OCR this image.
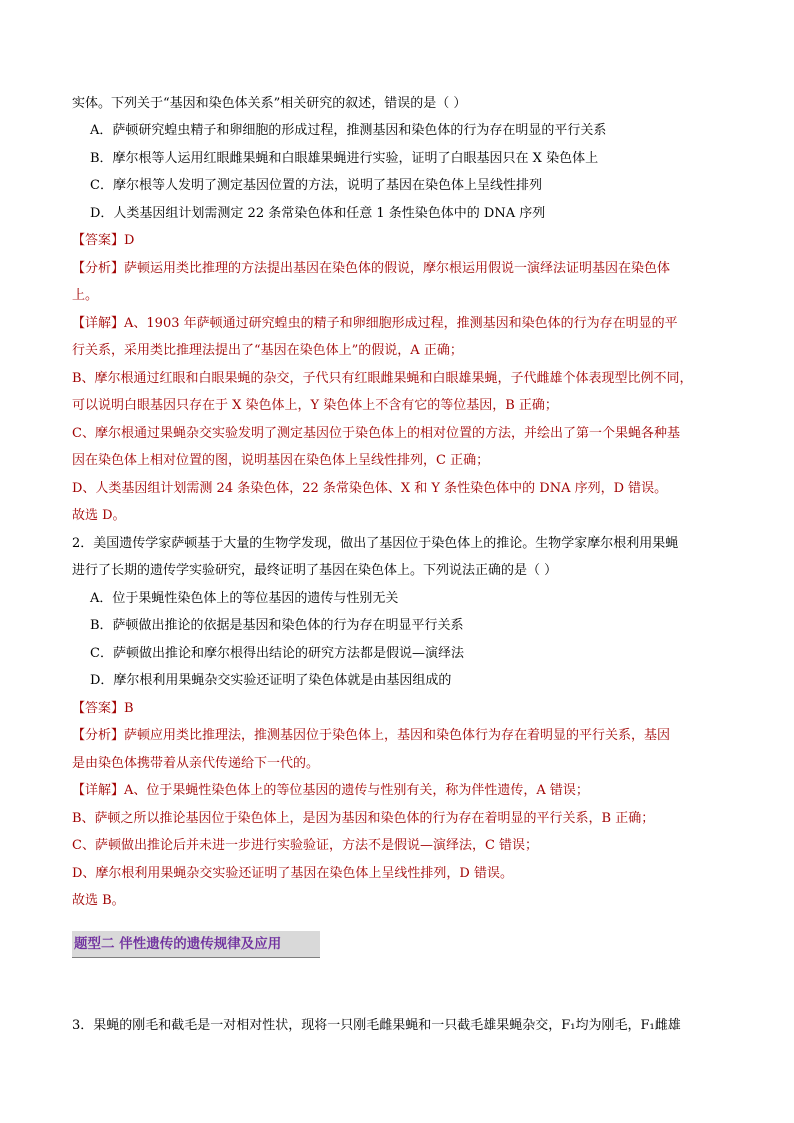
实体。下列关于“基因和染色体关系”相关研究的叙述，错误的是（ ）
A．萨顿研究蝗虫精子和卵细胞的形成过程，推测基因和染色体的行为存在明显的平行关系
B．摩尔根等人运用红眼雌果蝇和白眼雄果蝇进行实验，证明了白眼基因只在 X 染色体上
C．摩尔根等人发明了测定基因位置的方法，说明了基因在染色体上呈线性排列
D．人类基因组计划需测定 22 条常染色体和任意 1 条性染色体中的 DNA 序列
【答案】D
【分析】萨顿运用类比推理的方法提出基因在染色体的假说，摩尔根运用假说一演绎法证明基因在染色体
上。
【详解】A、1903 年萨顿通过研究蝗虫的精子和卵细胞形成过程，推测基因和染色体的行为存在明显的平
行关系，采用类比推理法提出了“基因在染色体上”的假说，A 正确；
B、摩尔根通过红眼和白眼果蝇的杂交，子代只有红眼雌果蝇和白眼雄果蝇，子代雌雄个体表现型比例不同，
可以说明白眼基因只存在于 X 染色体上，Y 染色体上不含有它的等位基因，B 正确；
C、摩尔根通过果蝇杂交实验发明了测定基因位于染色体上的相对位置的方法，并绘出了第一个果蝇各种基
因在染色体上相对位置的图，说明基因在染色体上呈线性排列，C 正确；
D、人类基因组计划需测 24 条染色体，22 条常染色体、X 和 Y 条性染色体中的 DNA 序列，D 错误。
故选 D。
2．美国遗传学家萨顿基于大量的生物学发现，做出了基因位于染色体上的推论。生物学家摩尔根利用果蝇
进行了长期的遗传学实验研究，最终证明了基因在染色体上。下列说法正确的是（ ）
A．位于果蝇性染色体上的等位基因的遗传与性别无关
B．萨顿做出推论的依据是基因和染色体的行为存在明显平行关系
C．萨顿做出推论和摩尔根得出结论的研究方法都是假说—演绎法
D．摩尔根利用果蝇杂交实验还证明了染色体就是由基因组成的
【答案】B
【分析】萨顿应用类比推理法，推测基因位于染色体上，基因和染色体行为存在着明显的平行关系，基因
是由染色体携带着从亲代传递给下一代的。
【详解】A、位于果蝇性染色体上的等位基因的遗传与性别有关，称为伴性遗传，A 错误；
B、萨顿之所以推论基因位于染色体上，是因为基因和染色体的行为存在着明显的平行关系，B 正确；
C、萨顿做出推论后并未进一步进行实验验证，方法不是假说—演绎法，C 错误；
D、摩尔根利用果蝇杂交实验还证明了基因在染色体上呈线性排列，D 错误。
故选 B。
题型二 伴性遗传的遗传规律及应用
3．果蝇的刚毛和截毛是一对相对性状，现将一只刚毛雌果蝇和一只截毛雄果蝇杂交，F₁均为刚毛，F₁雌雄
